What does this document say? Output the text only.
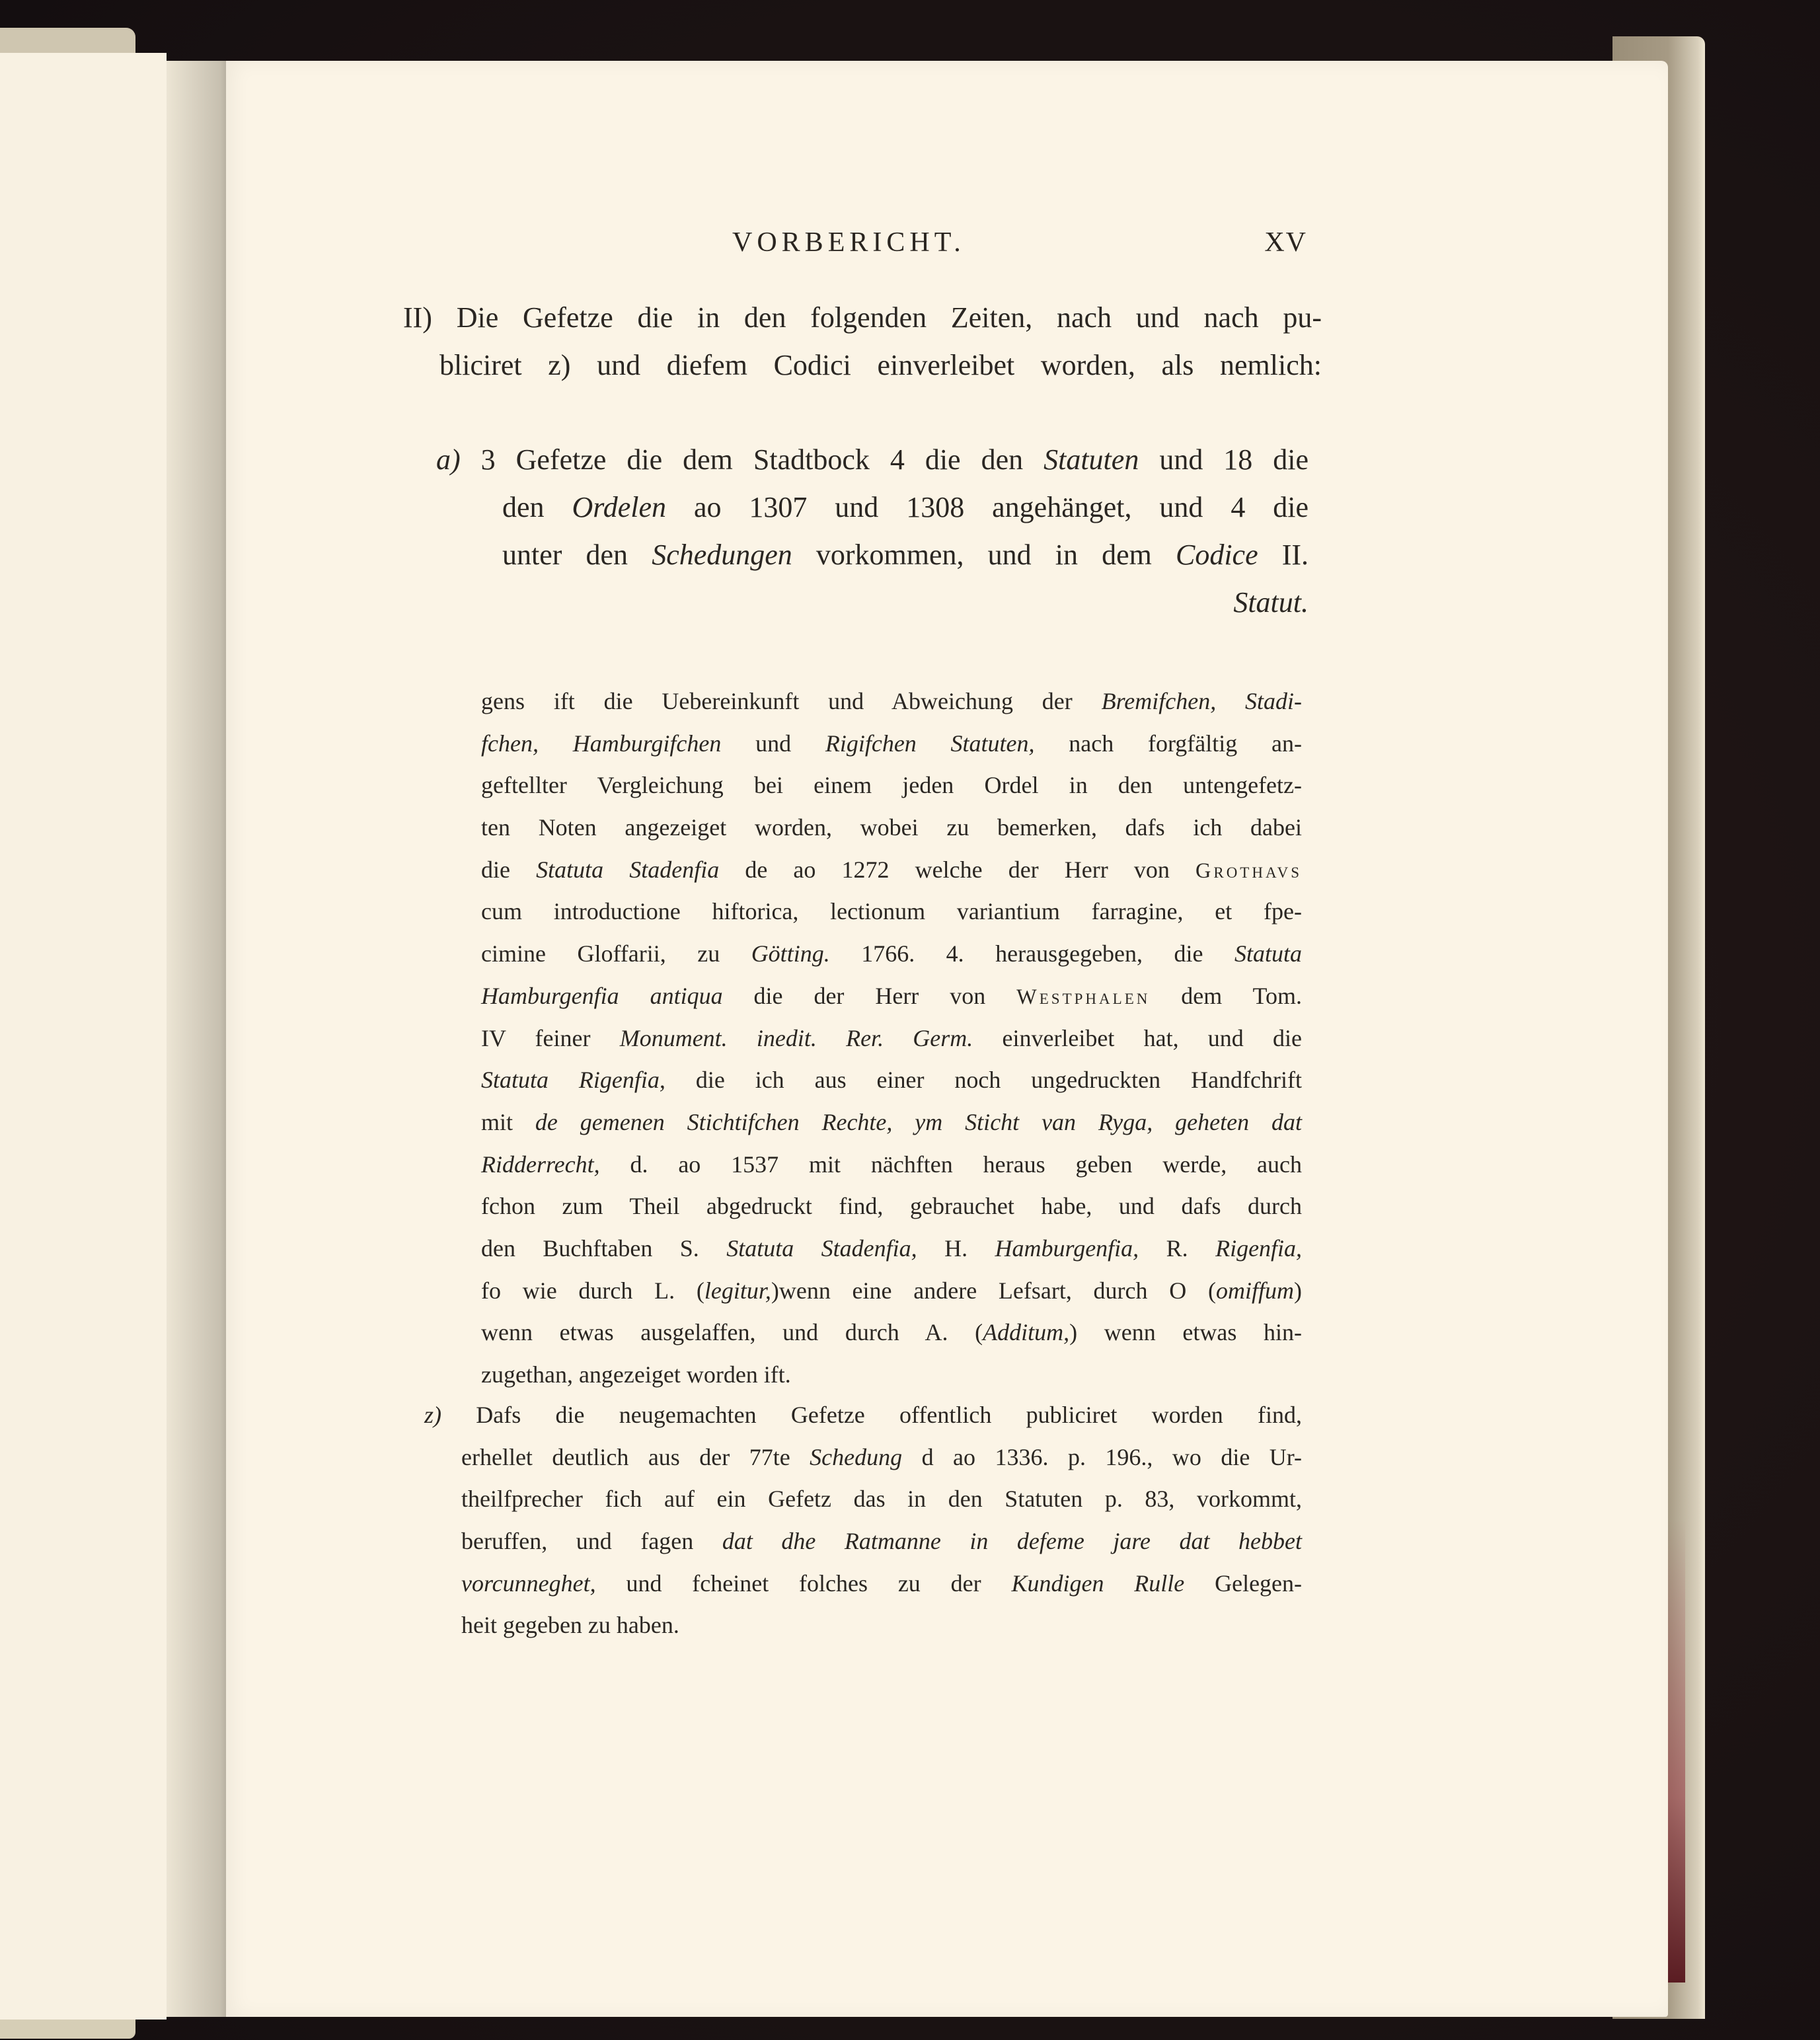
VORBERICHT.	XV
II) Die Gefetze die in den folgenden Zeiten, nach und nach pu-
bliciret z) und diefem Codici einverleibet worden, als nemlich:
a) 3 Gefetze die dem Stadtbock 4 die den Statuten und 18 die
den Ordelen ao 1307 und 1308 angehänget, und 4 die
unter den Schedungen vorkommen, und in dem Codice II.
Statut.
gens ift die Uebereinkunft und Abweichung der Bremifchen, Stadi-
fchen, Hamburgifchen und Rigifchen Statuten, nach forgfältig an-
geftellter Vergleichung bei einem jeden Ordel in den untengefetz-
ten Noten angezeiget worden, wobei zu bemerken, dafs ich dabei
die Statuta Stadenfia de ao 1272 welche der Herr von Grothavs
cum introductione hiftorica, lectionum variantium farragine, et fpe-
cimine Gloffarii, zu Götting. 1766. 4. herausgegeben, die Statuta
Hamburgenfia antiqua die der Herr von Westphalen dem Tom.
IV feiner Monument. inedit. Rer. Germ. einverleibet hat, und die
Statuta Rigenfia, die ich aus einer noch ungedruckten Handfchrift
mit de gemenen Stichtifchen Rechte, ym Sticht van Ryga, geheten dat
Ridderrecht, d. ao 1537 mit nächften heraus geben werde, auch
fchon zum Theil abgedruckt find, gebrauchet habe, und dafs durch
den Buchftaben S. Statuta Stadenfia, H. Hamburgenfia, R. Rigenfia,
fo wie durch L. (legitur,)wenn eine andere Lefsart, durch O (omiffum)
wenn etwas ausgelaffen, und durch A. (Additum,) wenn etwas hin-
zugethan, angezeiget worden ift.
z) Dafs die neugemachten Gefetze offentlich publiciret worden find,
erhellet deutlich aus der 77te Schedung d ao 1336. p. 196., wo die Ur-
theilfprecher fich auf ein Gefetz das in den Statuten p. 83, vorkommt,
beruffen, und fagen dat dhe Ratmanne in defeme jare dat hebbet
vorcunneghet, und fcheinet folches zu der Kundigen Rulle Gelegen-
heit gegeben zu haben.
